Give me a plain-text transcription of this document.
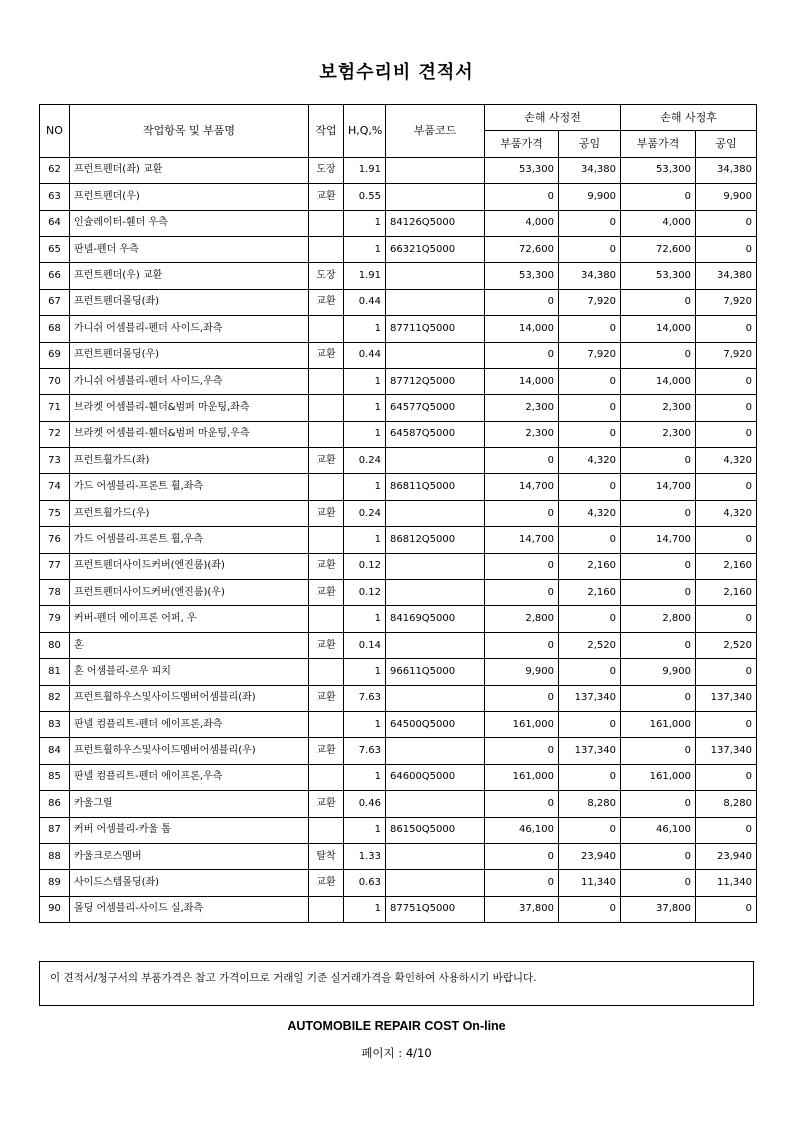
보험수리비 견적서
NO	작업항목 및 부품명	작업	H,Q,%	부품코드	손해 사정전		손해 사정후	
					부품가격	공임	부품가격	공임
62	프런트펜더(좌) 교환	도장	1.91		53,300	34,380	53,300	34,380
63	프런트펜더(우)	교환	0.55		0	9,900	0	9,900
64	인슐레이터-휀더 우측		1	84126Q5000	4,000	0	4,000	0
65	판넬-펜더 우측		1	66321Q5000	72,600	0	72,600	0
66	프런트펜더(우) 교환	도장	1.91		53,300	34,380	53,300	34,380
67	프런트펜더몰딩(좌)	교환	0.44		0	7,920	0	7,920
68	가니쉬 어셈블리-펜더 사이드,좌측		1	87711Q5000	14,000	0	14,000	0
69	프런트펜더몰딩(우)	교환	0.44		0	7,920	0	7,920
70	가니쉬 어셈블리-펜더 사이드,우측		1	87712Q5000	14,000	0	14,000	0
71	브라켓 어셈블리-휀더&범퍼 마운팅,좌측		1	64577Q5000	2,300	0	2,300	0
72	브라켓 어셈블리-휀더&범퍼 마운팅,우측		1	64587Q5000	2,300	0	2,300	0
73	프런트휠가드(좌)	교환	0.24		0	4,320	0	4,320
74	가드 어셈블리-프론트 휠,좌측		1	86811Q5000	14,700	0	14,700	0
75	프런트휠가드(우)	교환	0.24		0	4,320	0	4,320
76	가드 어셈블리-프론트 휠,우측		1	86812Q5000	14,700	0	14,700	0
77	프런트펜더사이드커버(엔진룸)(좌)	교환	0.12		0	2,160	0	2,160
78	프런트펜더사이드커버(엔진룸)(우)	교환	0.12		0	2,160	0	2,160
79	커버-펜더 에이프론 어퍼, 우		1	84169Q5000	2,800	0	2,800	0
80	혼	교환	0.14		0	2,520	0	2,520
81	혼 어셈블리-로우 피치		1	96611Q5000	9,900	0	9,900	0
82	프런트휠하우스및사이드멤버어셈블리(좌)	교환	7.63		0	137,340	0	137,340
83	판넬 컴플리트-펜더 에이프론,좌측		1	64500Q5000	161,000	0	161,000	0
84	프런트휠하우스및사이드멤버어셈블리(우)	교환	7.63		0	137,340	0	137,340
85	판넬 컴플리트-펜더 에이프론,우측		1	64600Q5000	161,000	0	161,000	0
86	카울그릴	교환	0.46		0	8,280	0	8,280
87	커버 어셈블리-카울 톱		1	86150Q5000	46,100	0	46,100	0
88	카울크로스멤버	탈착	1.33		0	23,940	0	23,940
89	사이드스텝몰딩(좌)	교환	0.63		0	11,340	0	11,340
90	몰딩 어셈블리-사이드 실,좌측		1	87751Q5000	37,800	0	37,800	0
이 견적서/청구서의 부품가격은 참고 가격이므로 거래일 기준 실거래가격을 확인하여 사용하시기 바랍니다.
AUTOMOBILE REPAIR COST On-line
페이지 : 4/10
